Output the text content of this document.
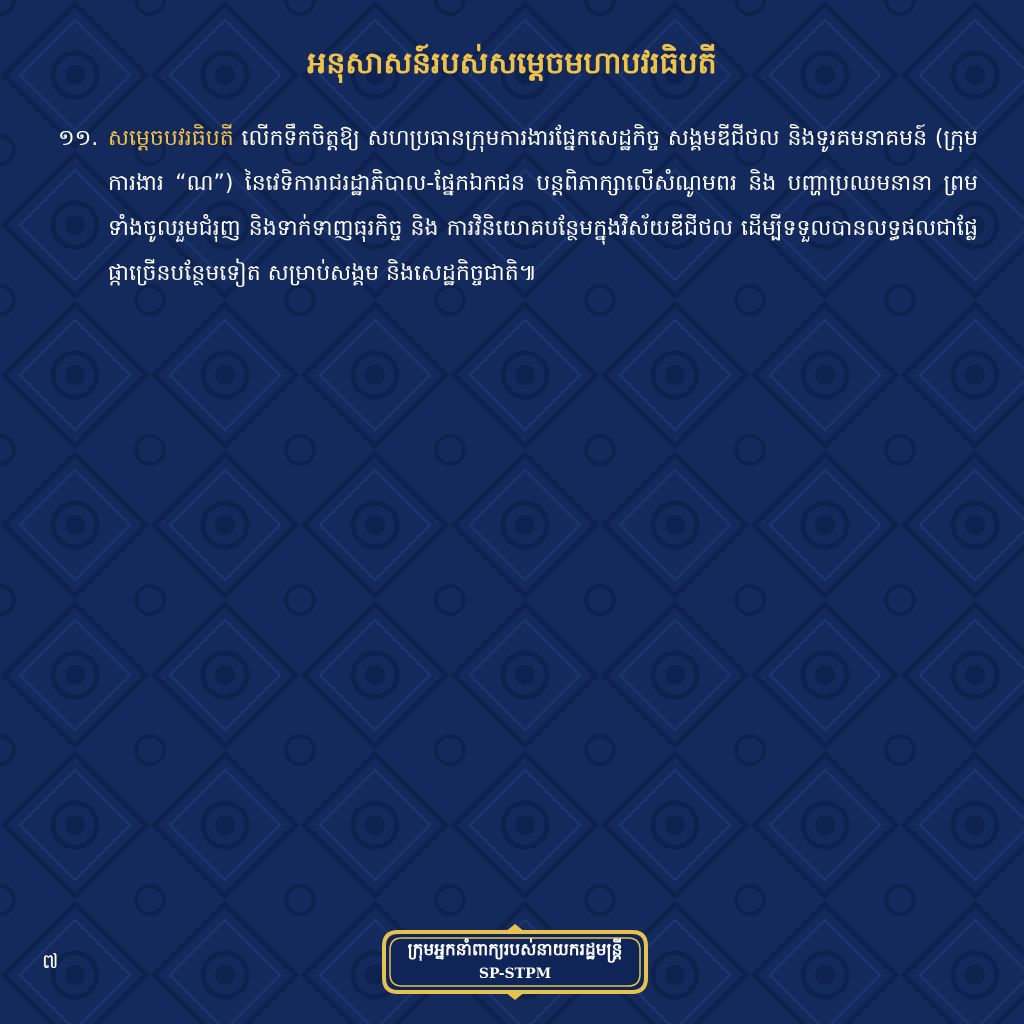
អនុសាសន៍របស់សម្តេចមហាបវរធិបតី
១១. សម្តេចបវរធិបតី លើកទឹកចិត្តឱ្យ សហប្រធានក្រុមការងារផ្នែកសេដ្ឋកិច្ច សង្គមឌីជីថល និងទូរគមនាគមន៍ (ក្រុមការងារ “ណ”) នៃវេទិការាជរដ្ឋាភិបាល-ផ្នែកឯកជន បន្តពិភាក្សាលើសំណូមពរ និង បញ្ហាប្រឈមនានា ព្រមទាំងចូលរួមជំរុញ និងទាក់ទាញធុរកិច្ច និង ការវិនិយោគបន្ថែមក្នុងវិស័យឌីជីថល ដើម្បីទទួលបានលទ្ធផលជាផ្លែផ្កាច្រើនបន្ថែមទៀត សម្រាប់សង្គម និងសេដ្ឋកិច្ចជាតិ៕
៧	ក្រុមអ្នកនាំពាក្យរបស់នាយករដ្ឋមន្ត្រី
SP-STPM
